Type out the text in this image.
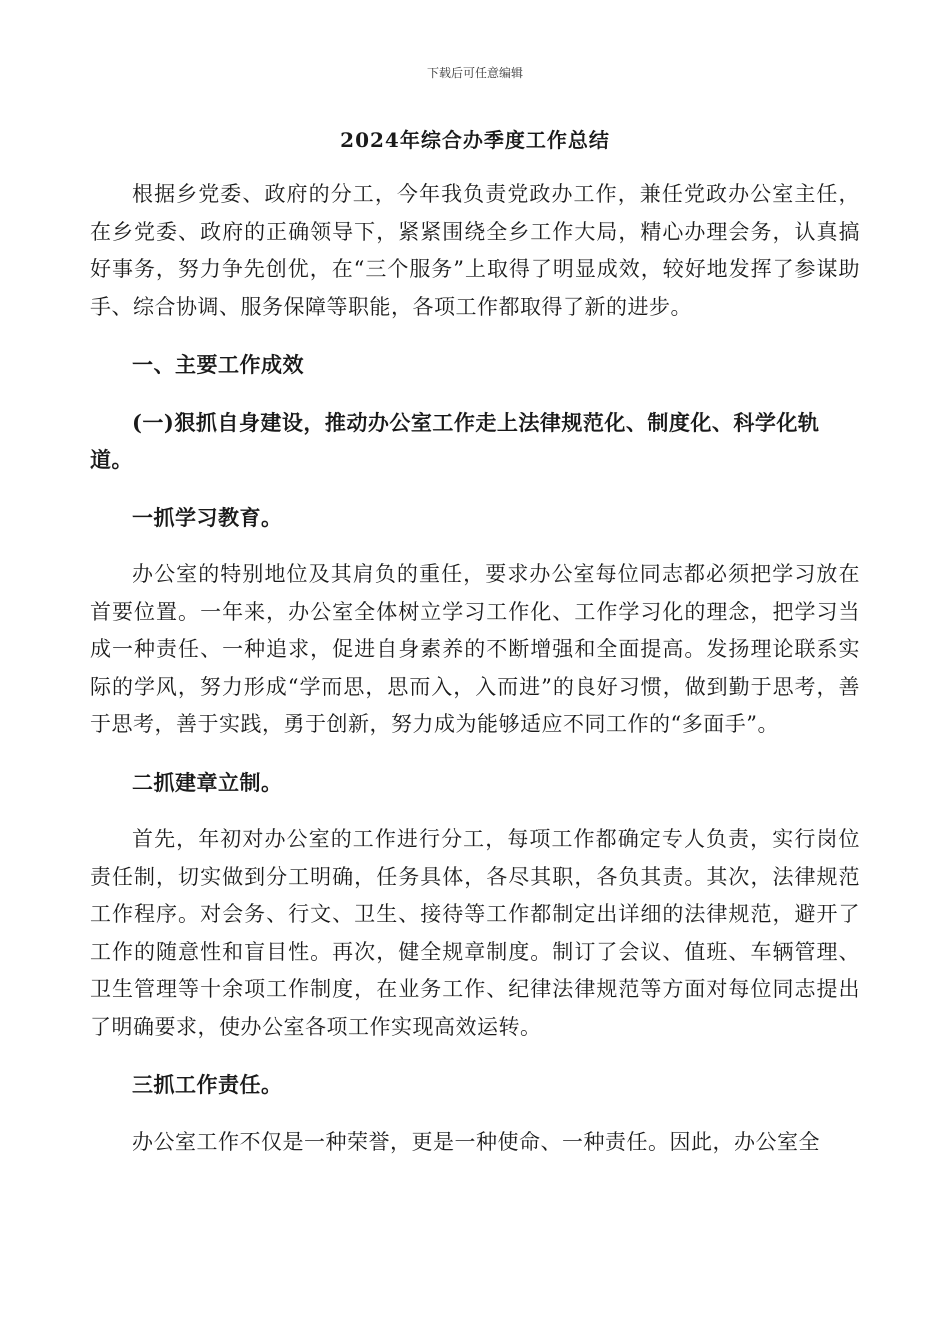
下载后可任意编辑
2024年综合办季度工作总结

根据乡党委、政府的分工，今年我负责党政办工作，兼任党政办公室主任，在乡党委、政府的正确领导下，紧紧围绕全乡工作大局，精心办理会务，认真搞好事务，努力争先创优，在“三个服务”上取得了明显成效，较好地发挥了参谋助手、综合协调、服务保障等职能，各项工作都取得了新的进步。

一、主要工作成效

(一)狠抓自身建设，推动办公室工作走上法律规范化、制度化、科学化轨道。

一抓学习教育。

办公室的特别地位及其肩负的重任，要求办公室每位同志都必须把学习放在首要位置。一年来，办公室全体树立学习工作化、工作学习化的理念，把学习当成一种责任、一种追求，促进自身素养的不断增强和全面提高。发扬理论联系实际的学风，努力形成“学而思，思而入，入而进”的良好习惯，做到勤于思考，善于思考，善于实践，勇于创新，努力成为能够适应不同工作的“多面手”。

二抓建章立制。

首先，年初对办公室的工作进行分工，每项工作都确定专人负责，实行岗位责任制，切实做到分工明确，任务具体，各尽其职，各负其责。其次，法律规范工作程序。对会务、行文、卫生、接待等工作都制定出详细的法律规范，避开了工作的随意性和盲目性。再次，健全规章制度。制订了会议、值班、车辆管理、卫生管理等十余项工作制度，在业务工作、纪律法律规范等方面对每位同志提出了明确要求，使办公室各项工作实现高效运转。

三抓工作责任。

办公室工作不仅是一种荣誉，更是一种使命、一种责任。因此，办公室全
